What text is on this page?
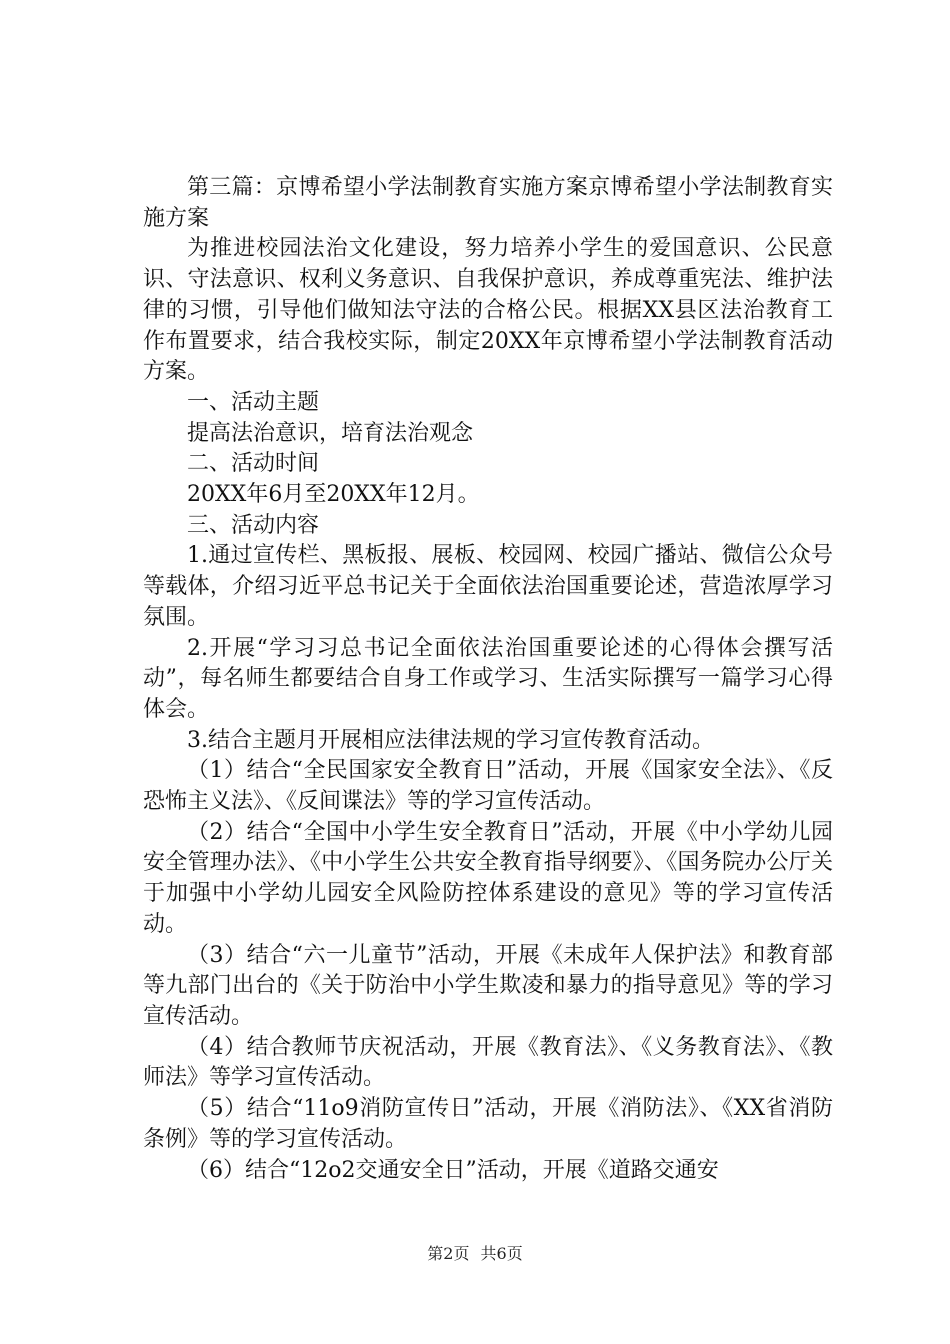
第三篇：京博希望小学法制教育实施方案京博希望小学法制教育实施方案

为推进校园法治文化建设，努力培养小学生的爱国意识、公民意识、守法意识、权利义务意识、自我保护意识，养成尊重宪法、维护法律的习惯，引导他们做知法守法的合格公民。根据XX县区法治教育工作布置要求，结合我校实际，制定20XX年京博希望小学法制教育活动方案。

一、活动主题

提高法治意识，培育法治观念

二、活动时间

20XX年6月至20XX年12月。

三、活动内容

1.通过宣传栏、黑板报、展板、校园网、校园广播站、微信公众号等载体，介绍习近平总书记关于全面依法治国重要论述，营造浓厚学习氛围。

2.开展“学习习总书记全面依法治国重要论述的心得体会撰写活动”，每名师生都要结合自身工作或学习、生活实际撰写一篇学习心得体会。

3.结合主题月开展相应法律法规的学习宣传教育活动。

（1）结合“全民国家安全教育日”活动，开展《国家安全法》、《反恐怖主义法》、《反间谍法》等的学习宣传活动。

（2）结合“全国中小学生安全教育日”活动，开展《中小学幼儿园安全管理办法》、《中小学生公共安全教育指导纲要》、《国务院办公厅关于加强中小学幼儿园安全风险防控体系建设的意见》等的学习宣传活动。

（3）结合“六一儿童节”活动，开展《未成年人保护法》和教育部等九部门出台的《关于防治中小学生欺凌和暴力的指导意见》等的学习宣传活动。

（4）结合教师节庆祝活动，开展《教育法》、《义务教育法》、《教师法》等学习宣传活动。

（5）结合“11o9消防宣传日”活动，开展《消防法》、《XX省消防条例》等的学习宣传活动。

（6）结合“12o2交通安全日”活动，开展《道路交通安

第2页 共6页
